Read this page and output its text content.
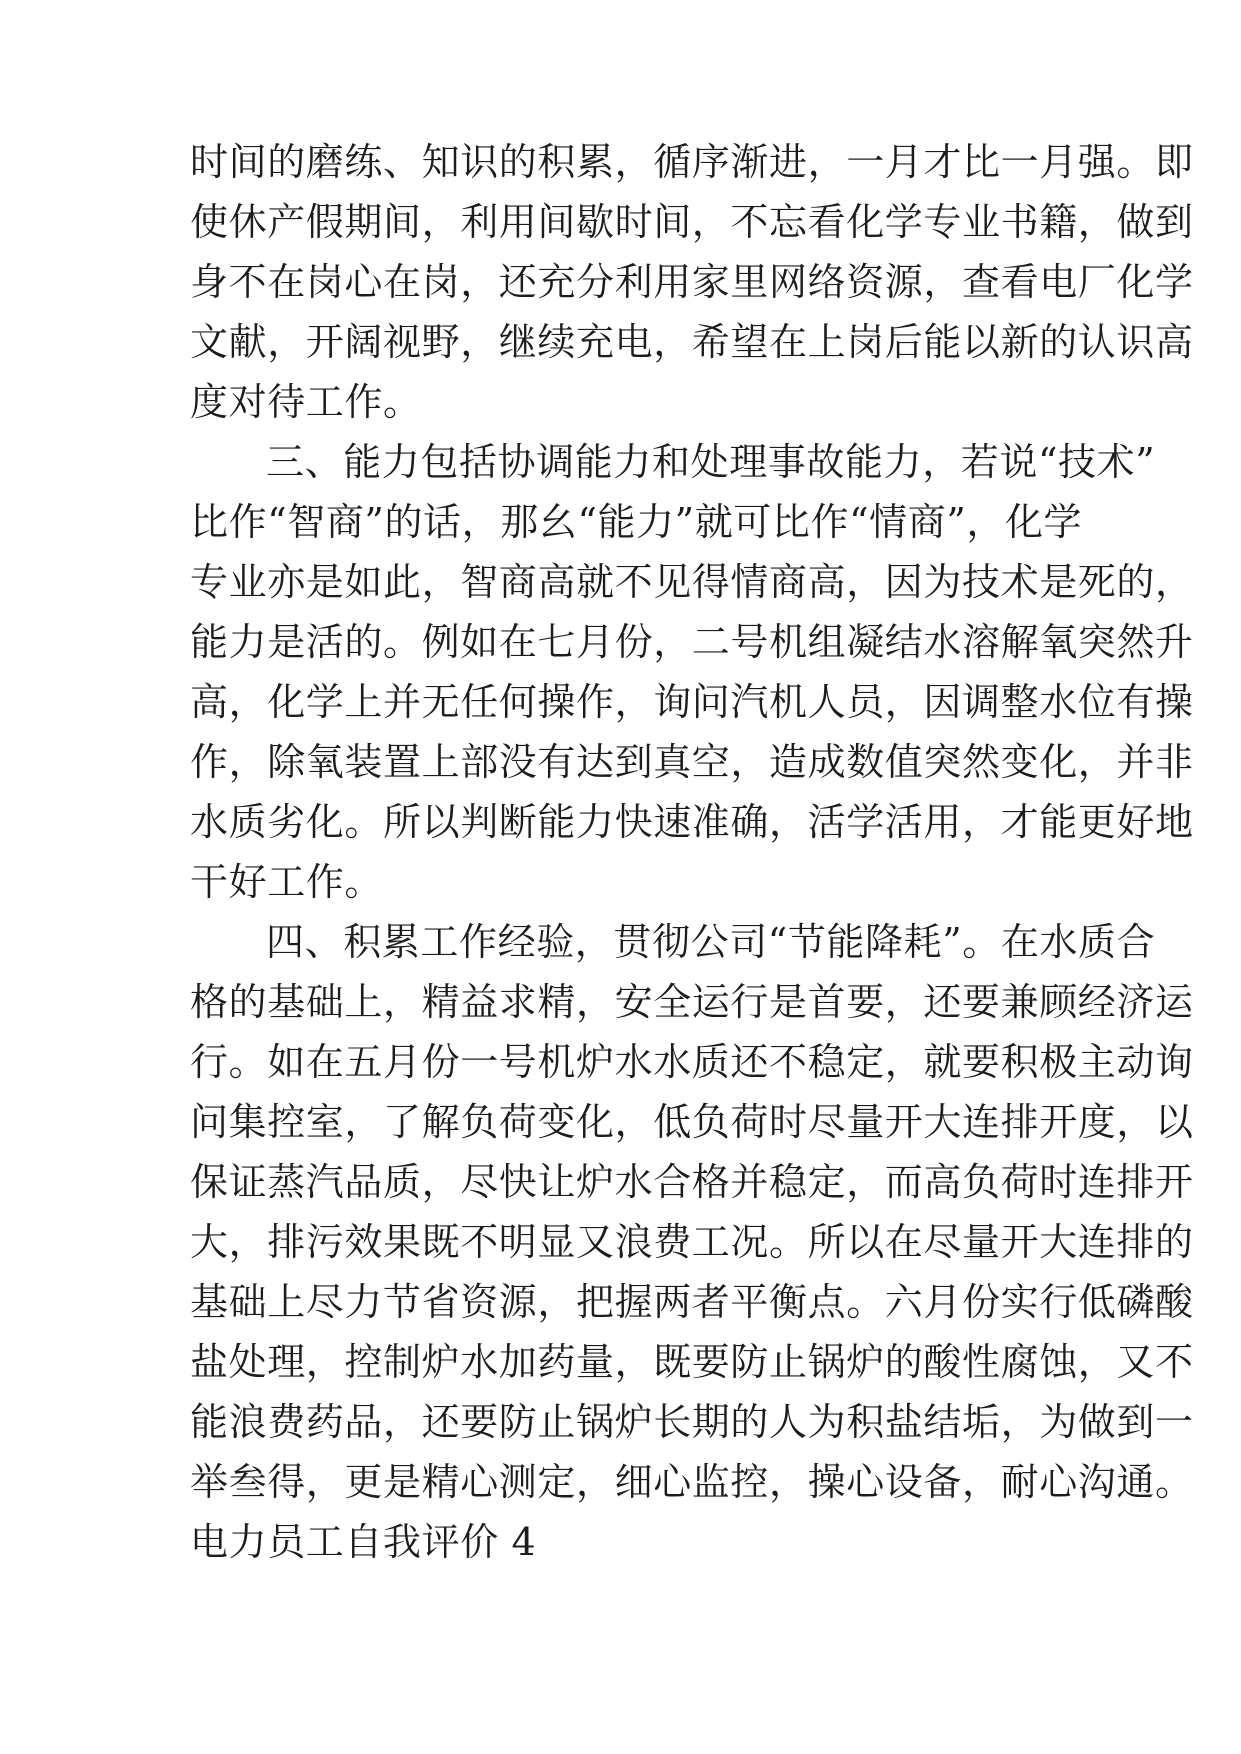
时间的磨练、知识的积累，循序渐进，一月才比一月强。即
使休产假期间，利用间歇时间，不忘看化学专业书籍，做到
身不在岗心在岗，还充分利用家里网络资源，查看电厂化学
文献，开阔视野，继续充电，希望在上岗后能以新的认识高
度对待工作。
三、能力包括协调能力和处理事故能力，若说“技术”
比作“智商”的话，那幺“能力”就可比作“情商”，化学
专业亦是如此，智商高就不见得情商高，因为技术是死的，
能力是活的。例如在七月份，二号机组凝结水溶解氧突然升
高，化学上并无任何操作，询问汽机人员，因调整水位有操
作，除氧装置上部没有达到真空，造成数值突然变化，并非
水质劣化。所以判断能力快速准确，活学活用，才能更好地
干好工作。
四、积累工作经验，贯彻公司“节能降耗”。在水质合
格的基础上，精益求精，安全运行是首要，还要兼顾经济运
行。如在五月份一号机炉水水质还不稳定，就要积极主动询
问集控室，了解负荷变化，低负荷时尽量开大连排开度，以
保证蒸汽品质，尽快让炉水合格并稳定，而高负荷时连排开
大，排污效果既不明显又浪费工况。所以在尽量开大连排的
基础上尽力节省资源，把握两者平衡点。六月份实行低磷酸
盐处理，控制炉水加药量，既要防止锅炉的酸性腐蚀，又不
能浪费药品，还要防止锅炉长期的人为积盐结垢，为做到一
举叁得，更是精心测定，细心监控，操心设备，耐心沟通。
电力员工自我评价 4
